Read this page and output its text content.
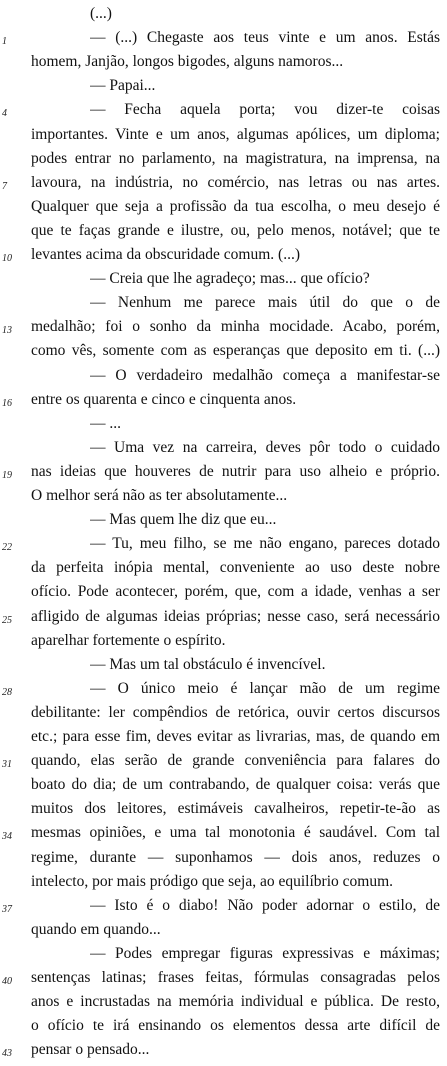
(...)
1	— (...) Chegaste aos teus vinte e um anos. Estás
homem, Janjão, longos bigodes, alguns namoros...
— Papai...
4	— Fecha aquela porta; vou dizer-te coisas
importantes. Vinte e um anos, algumas apólices, um diploma;
podes entrar no parlamento, na magistratura, na imprensa, na
7	lavoura, na indústria, no comércio, nas letras ou nas artes.
Qualquer que seja a profissão da tua escolha, o meu desejo é
que te faças grande e ilustre, ou, pelo menos, notável; que te
10	levantes acima da obscuridade comum. (...)
— Creia que lhe agradeço; mas... que ofício?
— Nenhum me parece mais útil do que o de
13	medalhão; foi o sonho da minha mocidade. Acabo, porém,
como vês, somente com as esperanças que deposito em ti. (...)
— O verdadeiro medalhão começa a manifestar-se
16	entre os quarenta e cinco e cinquenta anos.
— ...
— Uma vez na carreira, deves pôr todo o cuidado
19	nas ideias que houveres de nutrir para uso alheio e próprio.
O melhor será não as ter absolutamente...
— Mas quem lhe diz que eu...
22	— Tu, meu filho, se me não engano, pareces dotado
da perfeita inópia mental, conveniente ao uso deste nobre
ofício. Pode acontecer, porém, que, com a idade, venhas a ser
25	afligido de algumas ideias próprias; nesse caso, será necessário
aparelhar fortemente o espírito.
— Mas um tal obstáculo é invencível.
28	— O único meio é lançar mão de um regime
debilitante: ler compêndios de retórica, ouvir certos discursos
etc.; para esse fim, deves evitar as livrarias, mas, de quando em
31	quando, elas serão de grande conveniência para falares do
boato do dia; de um contrabando, de qualquer coisa: verás que
muitos dos leitores, estimáveis cavalheiros, repetir-te-ão as
34	mesmas opiniões, e uma tal monotonia é saudável. Com tal
regime, durante — suponhamos — dois anos, reduzes o
intelecto, por mais pródigo que seja, ao equilíbrio comum.
37	— Isto é o diabo! Não poder adornar o estilo, de
quando em quando...
— Podes empregar figuras expressivas e máximas;
40	sentenças latinas; frases feitas, fórmulas consagradas pelos
anos e incrustadas na memória individual e pública. De resto,
o ofício te irá ensinando os elementos dessa arte difícil de
43	pensar o pensado...
